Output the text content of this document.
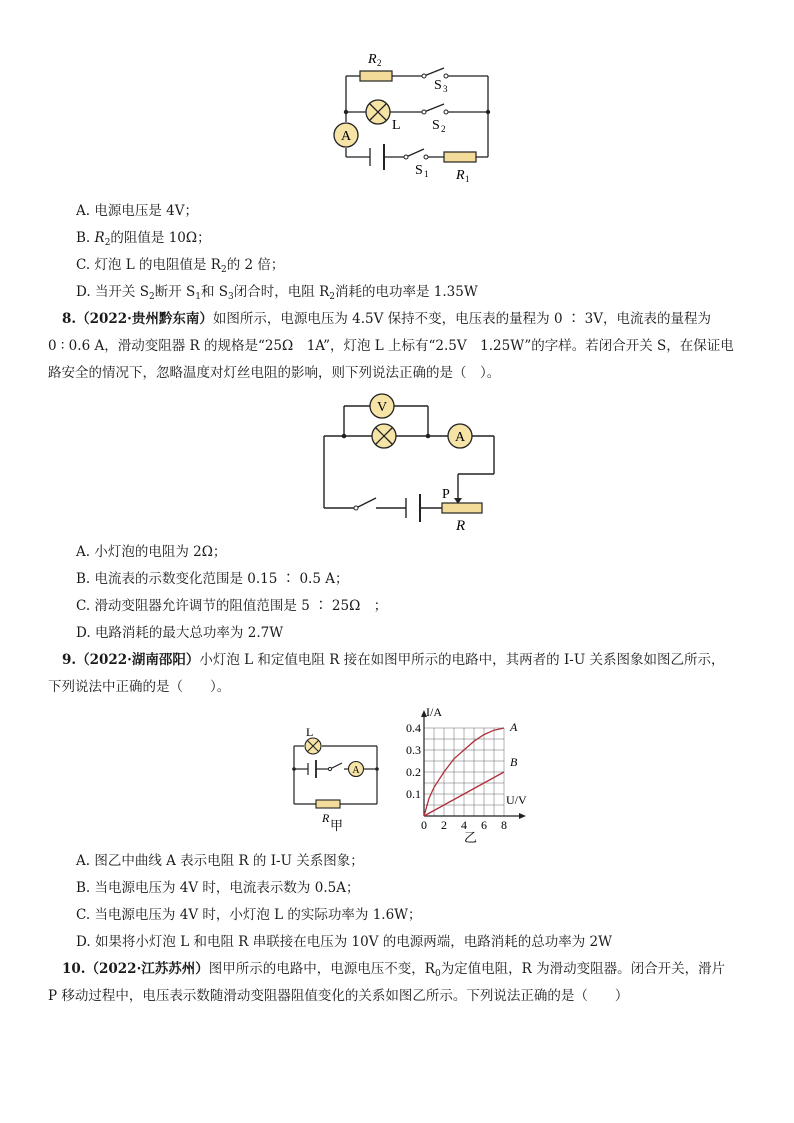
A
R 2
S 3
L S 2
S 1 R 1
A. 电源电压是 4V；
B. $R_2$的阻值是 10Ω；
C. 灯泡 L 的电阻值是 $R_2$的 2 倍；
D. 当开关 $S_2$断开 $S_1$和 $S_3$闭合时，电阻 $R_2$消耗的电功率是 1.35W
8.（2022·贵州黔东南）如图所示，电源电压为 4.5V 保持不变，电压表的量程为 0 ∶ 3V，电流表的量程为
0 ∶ 0.6 A，滑动变阻器 R 的规格是“25Ω　1A”，灯泡 L 上标有“2.5V　1.25W”的字样。若闭合开关 S，在保证电
路安全的情况下，忽略温度对灯丝电阻的影响，则下列说法正确的是（　）。
V
A
P
R
A. 小灯泡的电阻为 2Ω；
B. 电流表的示数变化范围是 0.15 ∶ 0.5 A；
C. 滑动变阻器允许调节的阻值范围是 5 ∶ 25Ω　；
D. 电路消耗的最大总功率为 2.7W
9.（2022·湖南邵阳）小灯泡 L 和定值电阻 R 接在如图甲所示的电路中，其两者的 I-U 关系图象如图乙所示，
下列说法中正确的是（　　）。
L
A
R 甲	0 2 4 6 8
0.1
0.2
0.3
0.4	A
B
I/A
U/V
乙
A. 图乙中曲线 A 表示电阻 R 的 I-U 关系图象；
B. 当电源电压为 4V 时，电流表示数为 0.5A；
C. 当电源电压为 4V 时，小灯泡 L 的实际功率为 1.6W；
D. 如果将小灯泡 L 和电阻 R 串联接在电压为 10V 的电源两端，电路消耗的总功率为 2W
10.（2022·江苏苏州）图甲所示的电路中，电源电压不变，$R_0$为定值电阻，R 为滑动变阻器。闭合开关，滑片
P 移动过程中，电压表示数随滑动变阻器阻值变化的关系如图乙所示。下列说法正确的是（　　）
